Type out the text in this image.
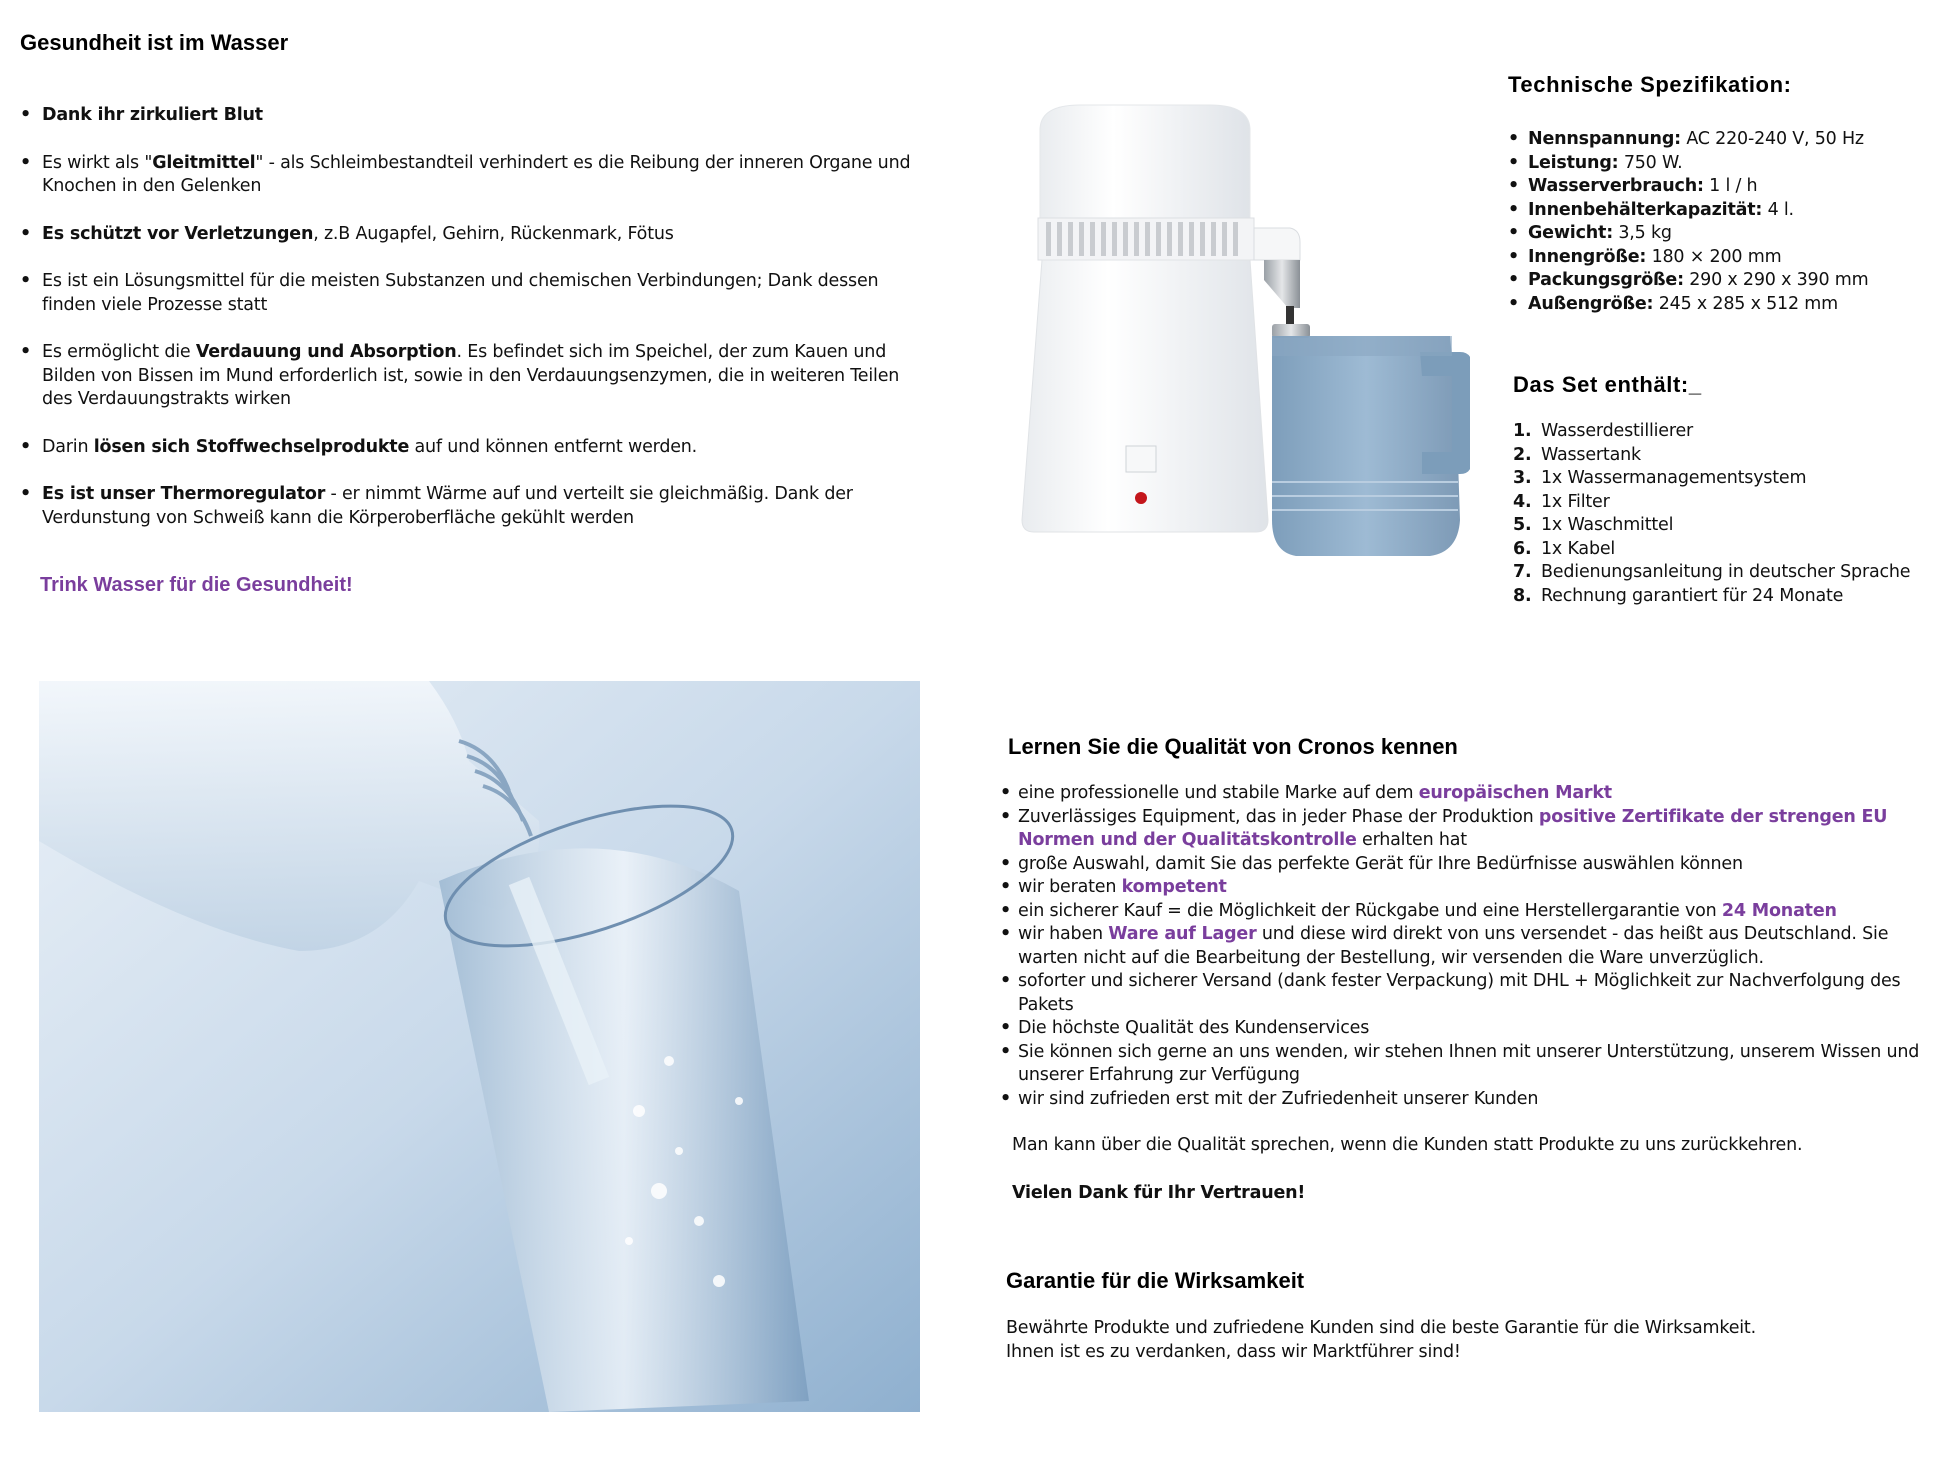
Gesundheit ist im Wasser
• Dank ihr zirkuliert Blut
• Es wirkt als "Gleitmittel" - als Schleimbestandteil verhindert es die Reibung der inneren Organe und Knochen in den Gelenken
• Es schützt vor Verletzungen, z.B Augapfel, Gehirn, Rückenmark, Fötus
• Es ist ein Lösungsmittel für die meisten Substanzen und chemischen Verbindungen; Dank dessen finden viele Prozesse statt
• Es ermöglicht die Verdauung und Absorption. Es befindet sich im Speichel, der zum Kauen und Bilden von Bissen im Mund erforderlich ist, sowie in den Verdauungsenzymen, die in weiteren Teilen des Verdauungstrakts wirken
• Darin lösen sich Stoffwechselprodukte auf und können entfernt werden.
• Es ist unser Thermoregulator - er nimmt Wärme auf und verteilt sie gleichmäßig. Dank der Verdunstung von Schweiß kann die Körperoberfläche gekühlt werden
Trink Wasser für die Gesundheit!
Technische Spezifikation:
• Nennspannung: AC 220-240 V, 50 Hz
• Leistung: 750 W.
• Wasserverbrauch: 1 l / h
• Innenbehälterkapazität: 4 l.
• Gewicht: 3,5 kg
• Innengröße: 180 × 200 mm
• Packungsgröße: 290 x 290 x 390 mm
• Außengröße: 245 x 285 x 512 mm
Das Set enthält:_
1. Wasserdestillierer
2. Wassertank
3. 1x Wassermanagementsystem
4. 1x Filter
5. 1x Waschmittel
6. 1x Kabel
7. Bedienungsanleitung in deutscher Sprache
8. Rechnung garantiert für 24 Monate
Lernen Sie die Qualität von Cronos kennen
• eine professionelle und stabile Marke auf dem europäischen Markt
• Zuverlässiges Equipment, das in jeder Phase der Produktion positive Zertifikate der strengen EU Normen und der Qualitätskontrolle erhalten hat
• große Auswahl, damit Sie das perfekte Gerät für Ihre Bedürfnisse auswählen können
• wir beraten kompetent
• ein sicherer Kauf = die Möglichkeit der Rückgabe und eine Herstellergarantie von 24 Monaten
• wir haben Ware auf Lager und diese wird direkt von uns versendet - das heißt aus Deutschland. Sie warten nicht auf die Bearbeitung der Bestellung, wir versenden die Ware unverzüglich.
• soforter und sicherer Versand (dank fester Verpackung) mit DHL + Möglichkeit zur Nachverfolgung des Pakets
• Die höchste Qualität des Kundenservices
• Sie können sich gerne an uns wenden, wir stehen Ihnen mit unserer Unterstützung, unserem Wissen und unserer Erfahrung zur Verfügung
• wir sind zufrieden erst mit der Zufriedenheit unserer Kunden
Man kann über die Qualität sprechen, wenn die Kunden statt Produkte zu uns zurückkehren.
Vielen Dank für Ihr Vertrauen!
Garantie für die Wirksamkeit
Bewährte Produkte und zufriedene Kunden sind die beste Garantie für die Wirksamkeit.
Ihnen ist es zu verdanken, dass wir Marktführer sind!
